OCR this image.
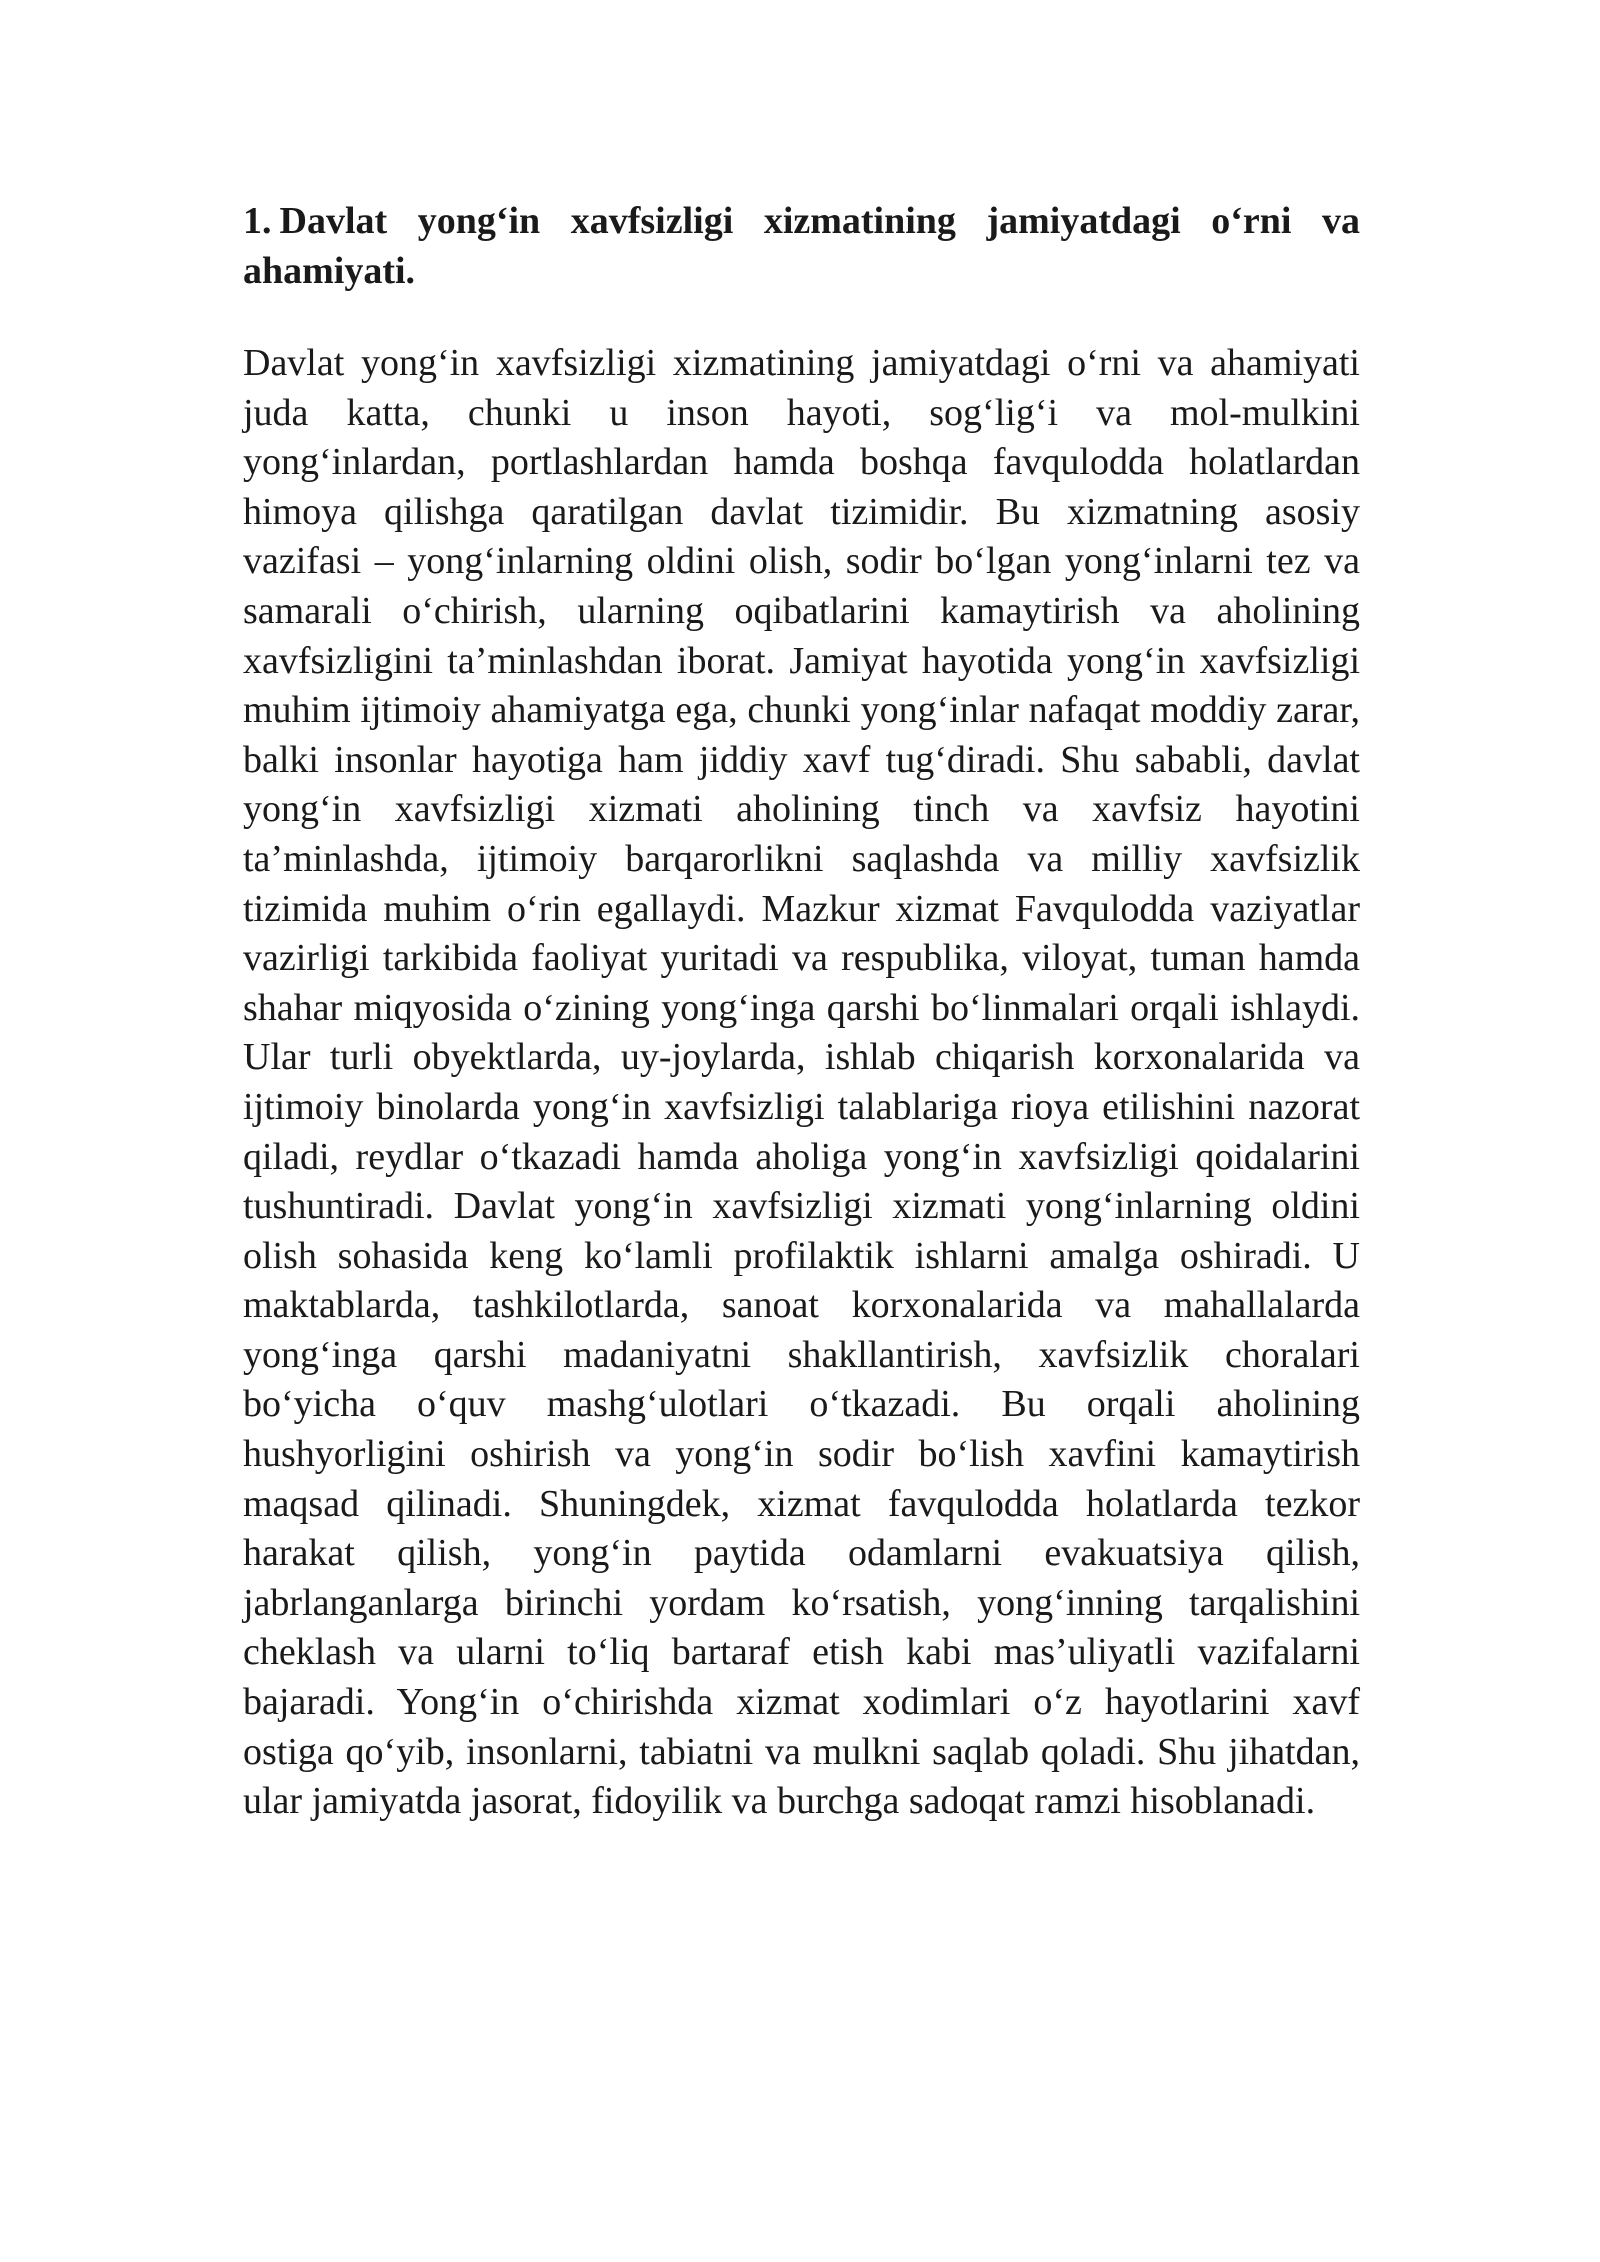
1. Davlat yong‘in xavfsizligi xizmatining jamiyatdagi o‘rni va ahamiyati.

Davlat yong‘in xavfsizligi xizmatining jamiyatdagi o‘rni va ahamiyati juda katta, chunki u inson hayoti, sog‘lig‘i va mol-mulkini yong‘inlardan, portlashlardan hamda boshqa favqulodda holatlardan himoya qilishga qaratilgan davlat tizimidir. Bu xizmatning asosiy vazifasi – yong‘inlarning oldini olish, sodir bo‘lgan yong‘inlarni tez va samarali o‘chirish, ularning oqibatlarini kamaytirish va aholining xavfsizligini ta’minlashdan iborat. Jamiyat hayotida yong‘in xavfsizligi muhim ijtimoiy ahamiyatga ega, chunki yong‘inlar nafaqat moddiy zarar, balki insonlar hayotiga ham jiddiy xavf tug‘diradi. Shu sababli, davlat yong‘in xavfsizligi xizmati aholining tinch va xavfsiz hayotini ta’minlashda, ijtimoiy barqarorlikni saqlashda va milliy xavfsizlik tizimida muhim o‘rin egallaydi. Mazkur xizmat Favqulodda vaziyatlar vazirligi tarkibida faoliyat yuritadi va respublika, viloyat, tuman hamda shahar miqyosida o‘zining yong‘inga qarshi bo‘linmalari orqali ishlaydi. Ular turli obyektlarda, uy-joylarda, ishlab chiqarish korxonalarida va ijtimoiy binolarda yong‘in xavfsizligi talablariga rioya etilishini nazorat qiladi, reydlar o‘tkazadi hamda aholiga yong‘in xavfsizligi qoidalarini tushuntiradi. Davlat yong‘in xavfsizligi xizmati yong‘inlarning oldini olish sohasida keng ko‘lamli profilaktik ishlarni amalga oshiradi. U maktablarda, tashkilotlarda, sanoat korxonalarida va mahallalarda yong‘inga qarshi madaniyatni shakllantirish, xavfsizlik choralari bo‘yicha o‘quv mashg‘ulotlari o‘tkazadi. Bu orqali aholining hushyorligini oshirish va yong‘in sodir bo‘lish xavfini kamaytirish maqsad qilinadi. Shuningdek, xizmat favqulodda holatlarda tezkor harakat qilish, yong‘in paytida odamlarni evakuatsiya qilish, jabrlanganlarga birinchi yordam ko‘rsatish, yong‘inning tarqalishini cheklash va ularni to‘liq bartaraf etish kabi mas’uliyatli vazifalarni bajaradi. Yong‘in o‘chirishda xizmat xodimlari o‘z hayotlarini xavf ostiga qo‘yib, insonlarni, tabiatni va mulkni saqlab qoladi. Shu jihatdan, ular jamiyatda jasorat, fidoyilik va burchga sadoqat ramzi hisoblanadi.
